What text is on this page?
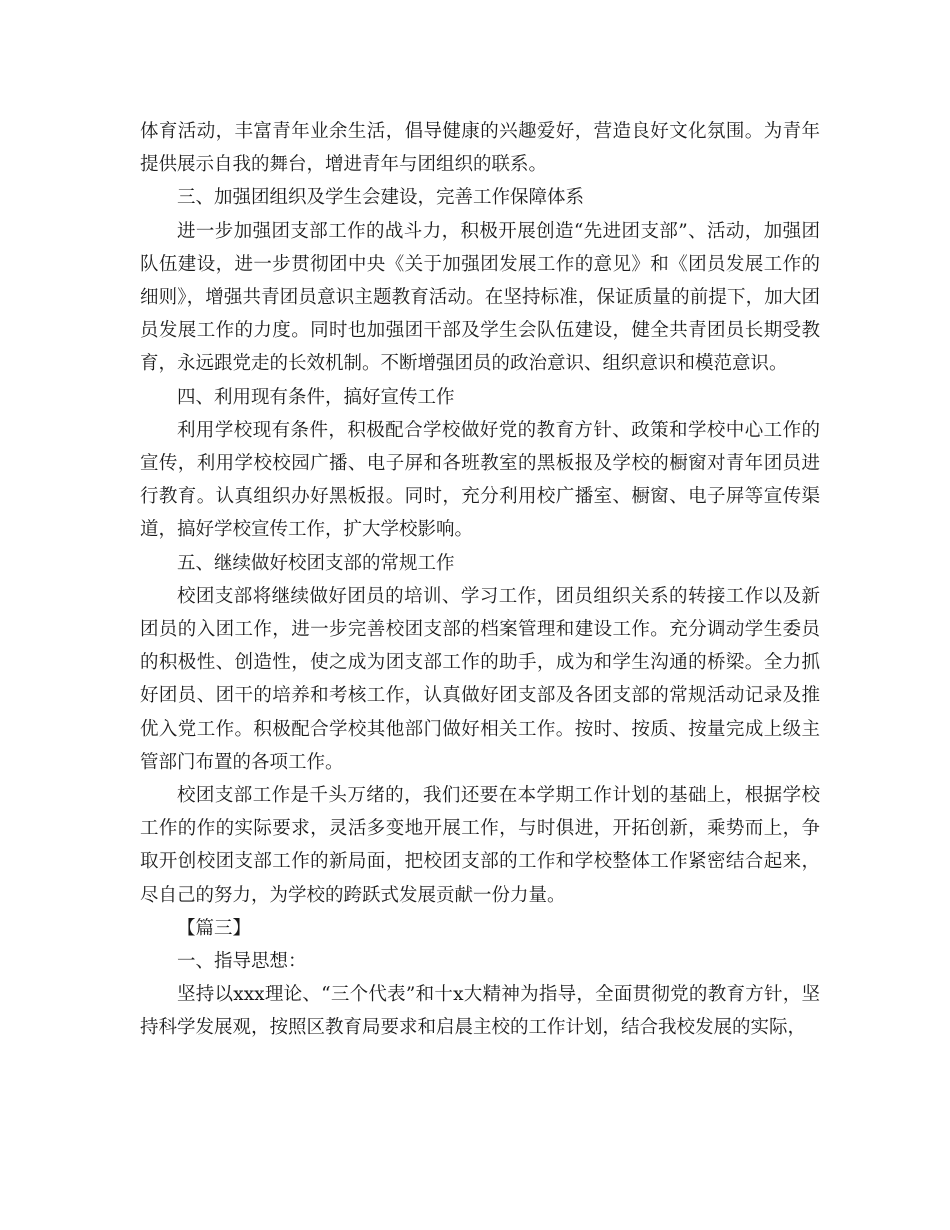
体育活动，丰富青年业余生活，倡导健康的兴趣爱好，营造良好文化氛围。为青年提供展示自我的舞台，增进青年与团组织的联系。

三、加强团组织及学生会建设，完善工作保障体系

进一步加强团支部工作的战斗力，积极开展创造“先进团支部”、活动，加强团队伍建设，进一步贯彻团中央《关于加强团发展工作的意见》和《团员发展工作的细则》，增强共青团员意识主题教育活动。在坚持标准，保证质量的前提下，加大团员发展工作的力度。同时也加强团干部及学生会队伍建设，健全共青团员长期受教育，永远跟党走的长效机制。不断增强团员的政治意识、组织意识和模范意识。

四、利用现有条件，搞好宣传工作

利用学校现有条件，积极配合学校做好党的教育方针、政策和学校中心工作的宣传，利用学校校园广播、电子屏和各班教室的黑板报及学校的橱窗对青年团员进行教育。认真组织办好黑板报。同时，充分利用校广播室、橱窗、电子屏等宣传渠道，搞好学校宣传工作，扩大学校影响。

五、继续做好校团支部的常规工作

校团支部将继续做好团员的培训、学习工作，团员组织关系的转接工作以及新团员的入团工作，进一步完善校团支部的档案管理和建设工作。充分调动学生委员的积极性、创造性，使之成为团支部工作的助手，成为和学生沟通的桥梁。全力抓好团员、团干的培养和考核工作，认真做好团支部及各团支部的常规活动记录及推优入党工作。积极配合学校其他部门做好相关工作。按时、按质、按量完成上级主管部门布置的各项工作。

校团支部工作是千头万绪的，我们还要在本学期工作计划的基础上，根据学校工作的作的实际要求，灵活多变地开展工作，与时俱进，开拓创新，乘势而上，争取开创校团支部工作的新局面，把校团支部的工作和学校整体工作紧密结合起来，尽自己的努力，为学校的跨跃式发展贡献一份力量。

【篇三】

一、指导思想：

坚持以xxx理论、“三个代表”和十x大精神为指导，全面贯彻党的教育方针，坚持科学发展观，按照区教育局要求和启晨主校的工作计划，结合我校发展的实际，
